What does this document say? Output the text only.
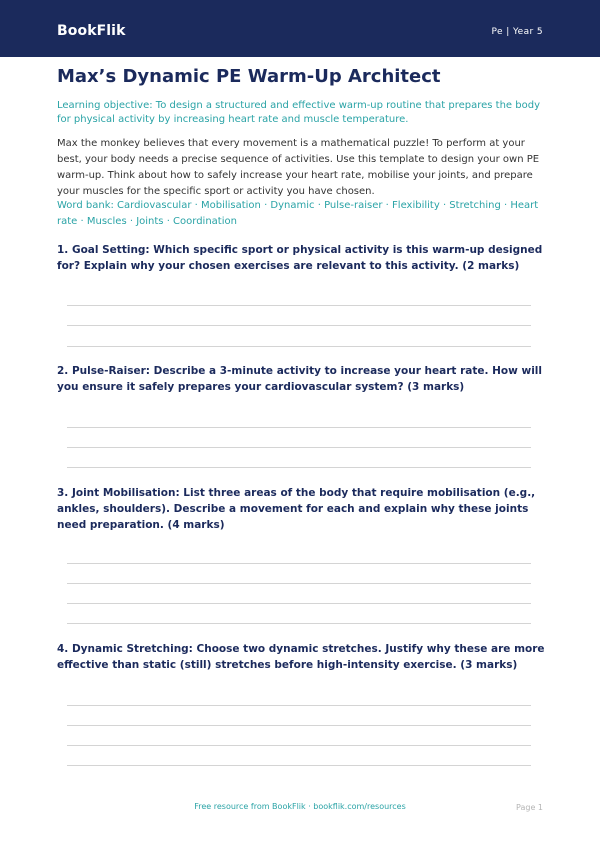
BookFlik	Pe | Year 5
Max’s Dynamic PE Warm-Up Architect
Learning objective: To design a structured and effective warm-up routine that prepares the body for physical activity by increasing heart rate and muscle temperature.
Max the monkey believes that every movement is a mathematical puzzle! To perform at your best, your body needs a precise sequence of activities. Use this template to design your own PE warm-up. Think about how to safely increase your heart rate, mobilise your joints, and prepare your muscles for the specific sport or activity you have chosen.
Word bank: Cardiovascular · Mobilisation · Dynamic · Pulse-raiser · Flexibility · Stretching · Heart rate · Muscles · Joints · Coordination
1. Goal Setting: Which specific sport or physical activity is this warm-up designed for? Explain why your chosen exercises are relevant to this activity. (2 marks)
2. Pulse-Raiser: Describe a 3-minute activity to increase your heart rate. How will you ensure it safely prepares your cardiovascular system? (3 marks)
3. Joint Mobilisation: List three areas of the body that require mobilisation (e.g., ankles, shoulders). Describe a movement for each and explain why these joints need preparation. (4 marks)
4. Dynamic Stretching: Choose two dynamic stretches. Justify why these are more effective than static (still) stretches before high-intensity exercise. (3 marks)
Free resource from BookFlik · bookflik.com/resources	Page 1
